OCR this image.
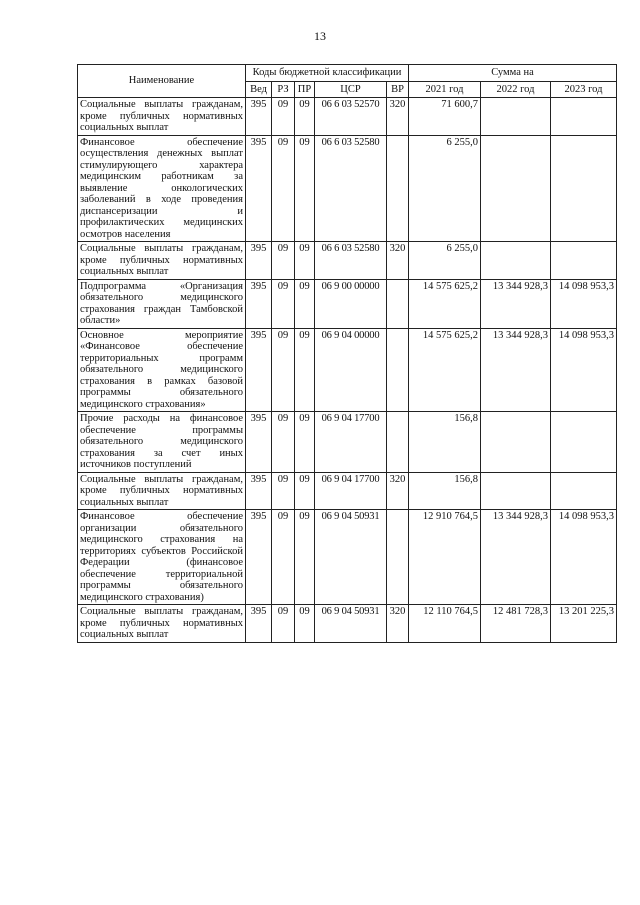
13
Наименование	Коды бюджетной классификации					Сумма на		
	Вед	РЗ	ПР	ЦСР	ВР	2021 год	2022 год	2023 год
Социальные выплаты гражданам, кроме публичных нормативных социальных выплат	395	09	09	06 6 03 52570	320	71 600,7		
Финансовое обеспечение осуществления денежных выплат стимулирующего характера медицинским работникам за выявление онкологических заболеваний в ходе проведения диспансеризации и профилактических медицинских осмотров населения	395	09	09	06 6 03 52580		6 255,0		
Социальные выплаты гражданам, кроме публичных нормативных социальных выплат	395	09	09	06 6 03 52580	320	6 255,0		
Подпрограмма «Организация обязательного медицинского страхования граждан Тамбовской области»	395	09	09	06 9 00 00000		14 575 625,2	13 344 928,3	14 098 953,3
Основное мероприятие «Финансовое обеспечение территориальных программ обязательного медицинского страхования в рамках базовой программы обязательного медицинского страхования»	395	09	09	06 9 04 00000		14 575 625,2	13 344 928,3	14 098 953,3
Прочие расходы на финансовое обеспечение программы обязательного медицинского страхования за счет иных источников поступлений	395	09	09	06 9 04 17700		156,8		
Социальные выплаты гражданам, кроме публичных нормативных социальных выплат	395	09	09	06 9 04 17700	320	156,8		
Финансовое обеспечение организации обязательного медицинского страхования на территориях субъектов Российской Федерации (финансовое обеспечение территориальной программы обязательного медицинского страхования)	395	09	09	06 9 04 50931		12 910 764,5	13 344 928,3	14 098 953,3
Социальные выплаты гражданам, кроме публичных нормативных социальных выплат	395	09	09	06 9 04 50931	320	12 110 764,5	12 481 728,3	13 201 225,3
